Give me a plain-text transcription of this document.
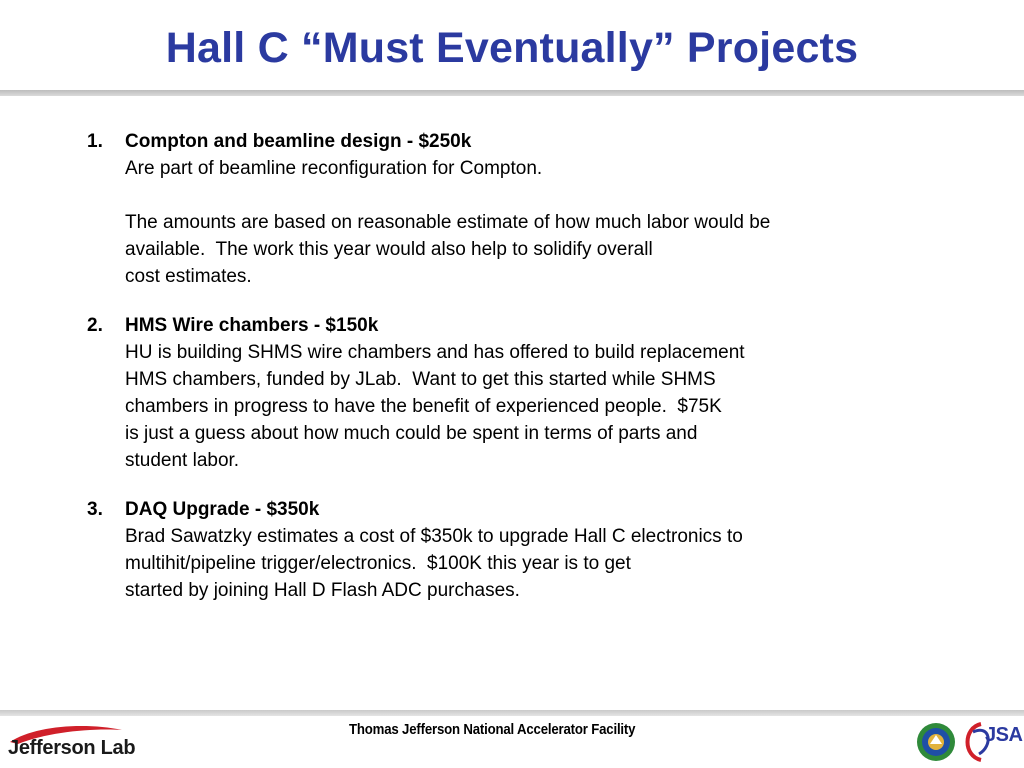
Hall C “Must Eventually” Projects
1. Compton and beamline design - $250k
Are part of beamline reconfiguration for Compton.
The amounts are based on reasonable estimate of how much labor would be
available.  The work this year would also help to solidify overall
cost estimates.
2. HMS Wire chambers - $150k
HU is building SHMS wire chambers and has offered to build replacement
HMS chambers, funded by JLab.  Want to get this started while SHMS
chambers in progress to have the benefit of experienced people.  $75K
is just a guess about how much could be spent in terms of parts and
student labor.
3. DAQ Upgrade - $350k
Brad Sawatzky estimates a cost of $350k to upgrade Hall C electronics to
multihit/pipeline trigger/electronics.  $100K this year is to get
started by joining Hall D Flash ADC purchases.
Jefferson Lab
Thomas Jefferson National Accelerator Facility	JSA
